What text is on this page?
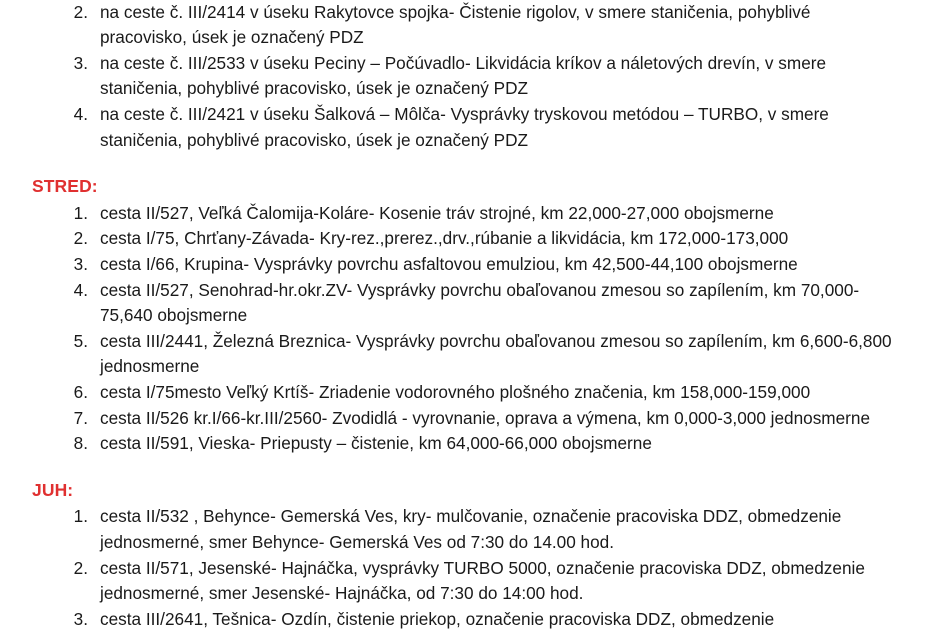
2. na ceste č. III/2414 v úseku Rakytovce spojka- Čistenie rigolov, v smere staničenia, pohyblivé pracovisko, úsek je označený PDZ
3. na ceste č. III/2533 v úseku Peciny – Počúvadlo- Likvidácia kríkov a náletových drevín, v smere staničenia, pohyblivé pracovisko, úsek je označený PDZ
4. na ceste č. III/2421 v úseku Šalková – Môlča- Vysprávky tryskovou metódou – TURBO, v smere staničenia, pohyblivé pracovisko, úsek je označený PDZ
STRED:
1. cesta II/527, Veľká Čalomija-Koláre- Kosenie tráv strojné, km 22,000-27,000 obojsmerne
2. cesta I/75, Chrťany-Závada- Kry-rez.,prerez.,drv.,rúbanie a likvidácia, km 172,000-173,000
3. cesta I/66, Krupina- Vysprávky povrchu asfaltovou emulziou, km 42,500-44,100 obojsmerne
4. cesta II/527, Senohrad-hr.okr.ZV- Vysprávky povrchu obaľovanou zmesou so zapílením, km 70,000-75,640 obojsmerne
5. cesta III/2441, Železná Breznica- Vysprávky povrchu obaľovanou zmesou so zapílením, km 6,600-6,800 jednosmerne
6. cesta I/75mesto Veľký Krtíš- Zriadenie vodorovného plošného značenia, km 158,000-159,000
7. cesta II/526 kr.I/66-kr.III/2560- Zvodidlá - vyrovnanie, oprava a výmena, km 0,000-3,000 jednosmerne
8. cesta II/591, Vieska- Priepusty – čistenie, km 64,000-66,000 obojsmerne
JUH:
1. cesta II/532 , Behynce- Gemerská Ves, kry- mulčovanie, označenie pracoviska DDZ, obmedzenie jednosmerné, smer Behynce- Gemerská Ves od 7:30 do 14.00 hod.
2. cesta II/571, Jesenské- Hajnáčka, vysprávky TURBO 5000, označenie pracoviska DDZ, obmedzenie jednosmerné, smer Jesenské- Hajnáčka, od 7:30 do 14:00 hod.
3. cesta III/2641, Tešnica- Ozdín, čistenie priekop, označenie pracoviska DDZ, obmedzenie
